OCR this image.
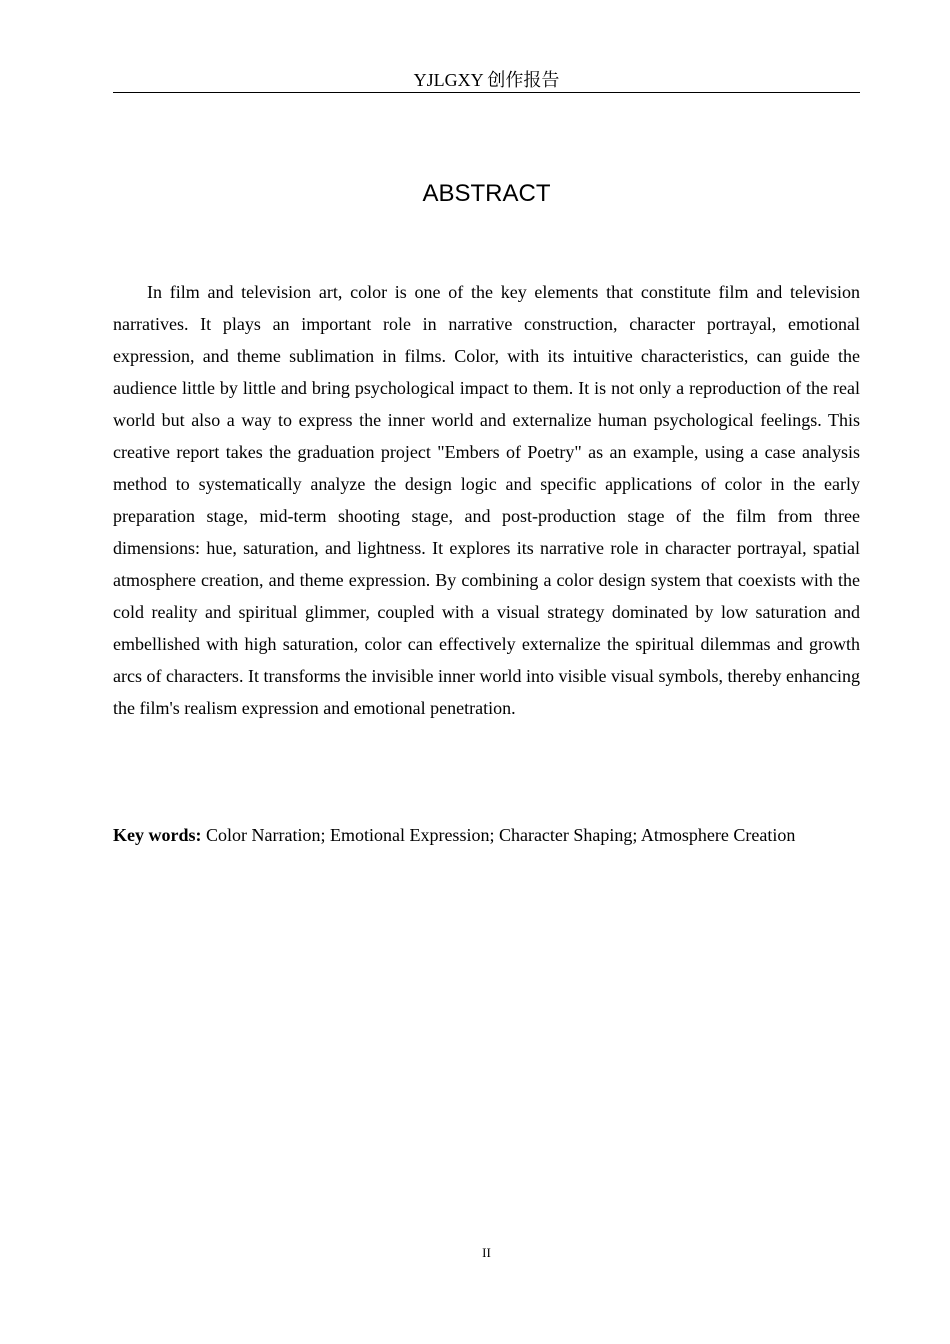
YJLGXY 创作报告
ABSTRACT

In film and television art, color is one of the key elements that constitute film and television narratives. It plays an important role in narrative construction, character portrayal, emotional expression, and theme sublimation in films. Color, with its intuitive characteristics, can guide the audience little by little and bring psychological impact to them. It is not only a reproduction of the real world but also a way to express the inner world and externalize human psychological feelings. This creative report takes the graduation project "Embers of Poetry" as an example, using a case analysis method to systematically analyze the design logic and specific applications of color in the early preparation stage, mid-term shooting stage, and post-production stage of the film from three dimensions: hue, saturation, and lightness. It explores its narrative role in character portrayal, spatial atmosphere creation, and theme expression. By combining a color design system that coexists with the cold reality and spiritual glimmer, coupled with a visual strategy dominated by low saturation and embellished with high saturation, color can effectively externalize the spiritual dilemmas and growth arcs of characters. It transforms the invisible inner world into visible visual symbols, thereby enhancing the film's realism expression and emotional penetration.

Key words: Color Narration; Emotional Expression; Character Shaping; Atmosphere Creation

II
